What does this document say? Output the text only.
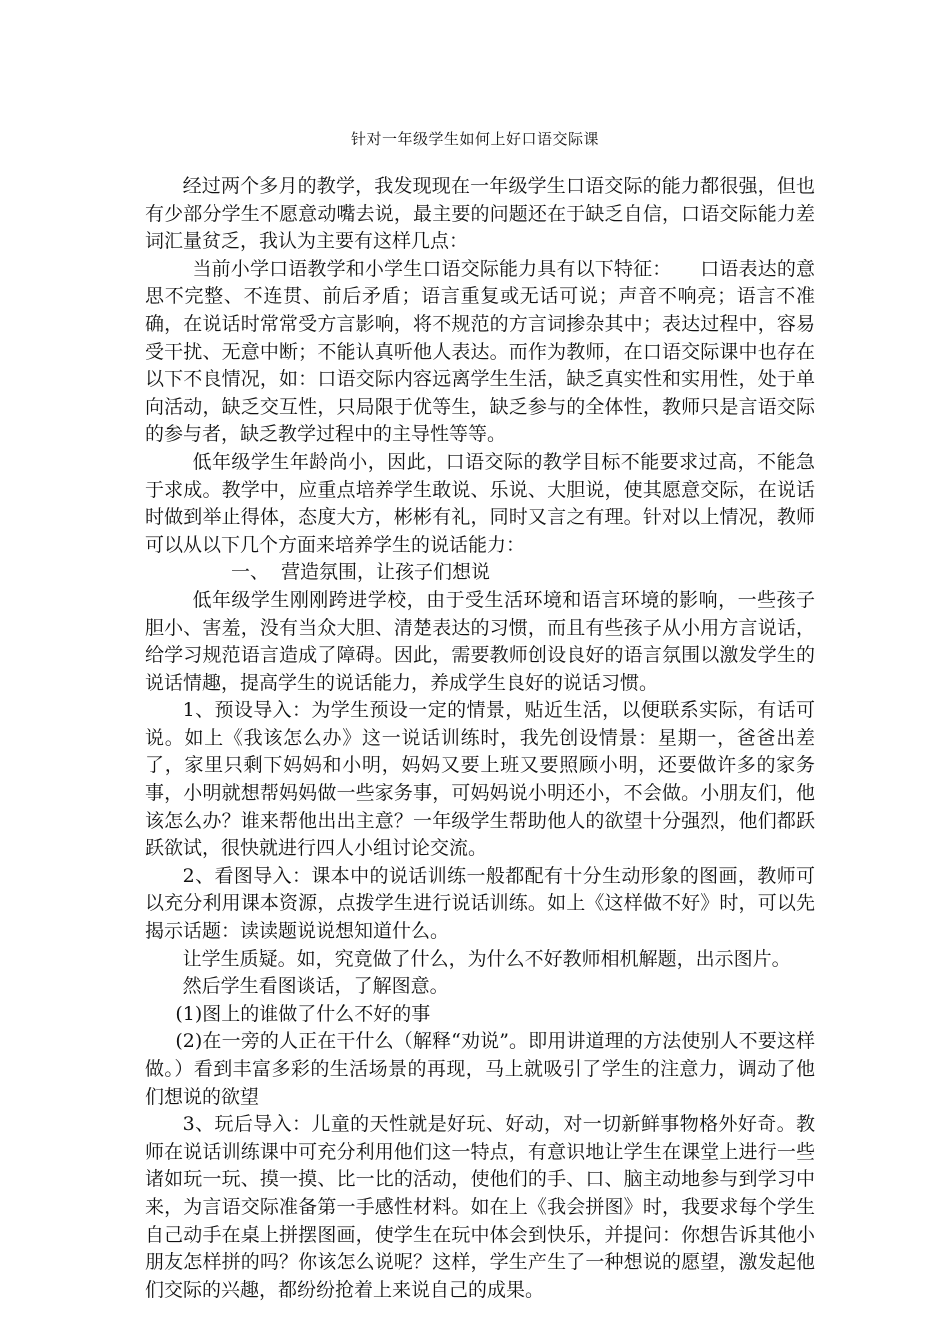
针对一年级学生如何上好口语交际课

经过两个多月的教学，我发现现在一年级学生口语交际的能力都很强，但也有少部分学生不愿意动嘴去说，最主要的问题还在于缺乏自信，口语交际能力差词汇量贫乏，我认为主要有这样几点：

当前小学口语教学和小学生口语交际能力具有以下特征：　　口语表达的意思不完整、不连贯、前后矛盾；语言重复或无话可说；声音不响亮；语言不准确，在说话时常常受方言影响，将不规范的方言词掺杂其中；表达过程中，容易受干扰、无意中断；不能认真听他人表达。而作为教师，在口语交际课中也存在以下不良情况，如：口语交际内容远离学生生活，缺乏真实性和实用性，处于单向活动，缺乏交互性，只局限于优等生，缺乏参与的全体性，教师只是言语交际的参与者，缺乏教学过程中的主导性等等。

低年级学生年龄尚小，因此，口语交际的教学目标不能要求过高，不能急于求成。教学中，应重点培养学生敢说、乐说、大胆说，使其愿意交际，在说话时做到举止得体，态度大方，彬彬有礼，同时又言之有理。针对以上情况，教师可以从以下几个方面来培养学生的说话能力：

一、 营造氛围，让孩子们想说

低年级学生刚刚跨进学校，由于受生活环境和语言环境的影响，一些孩子胆小、害羞，没有当众大胆、清楚表达的习惯，而且有些孩子从小用方言说话，给学习规范语言造成了障碍。因此，需要教师创设良好的语言氛围以激发学生的说话情趣，提高学生的说话能力，养成学生良好的说话习惯。

1、预设导入：为学生预设一定的情景，贴近生活，以便联系实际，有话可说。如上《我该怎么办》这一说话训练时，我先创设情景：星期一，爸爸出差了，家里只剩下妈妈和小明，妈妈又要上班又要照顾小明，还要做许多的家务事，小明就想帮妈妈做一些家务事，可妈妈说小明还小，不会做。小朋友们，他该怎么办？谁来帮他出出主意？一年级学生帮助他人的欲望十分强烈，他们都跃跃欲试，很快就进行四人小组讨论交流。

2、看图导入：课本中的说话训练一般都配有十分生动形象的图画，教师可以充分利用课本资源，点拨学生进行说话训练。如上《这样做不好》时，可以先揭示话题：读读题说说想知道什么。

让学生质疑。如，究竟做了什么，为什么不好教师相机解题，出示图片。

然后学生看图谈话，了解图意。

(1)图上的谁做了什么不好的事

(2)在一旁的人正在干什么（解释“劝说”。即用讲道理的方法使别人不要这样做。）看到丰富多彩的生活场景的再现，马上就吸引了学生的注意力，调动了他们想说的欲望

3、玩后导入：儿童的天性就是好玩、好动，对一切新鲜事物格外好奇。教师在说话训练课中可充分利用他们这一特点，有意识地让学生在课堂上进行一些诸如玩一玩、摸一摸、比一比的活动，使他们的手、口、脑主动地参与到学习中来，为言语交际准备第一手感性材料。如在上《我会拼图》时，我要求每个学生自己动手在桌上拼摆图画，使学生在玩中体会到快乐，并提问：你想告诉其他小朋友怎样拼的吗？你该怎么说呢？这样，学生产生了一种想说的愿望，激发起他们交际的兴趣，都纷纷抢着上来说自己的成果。
